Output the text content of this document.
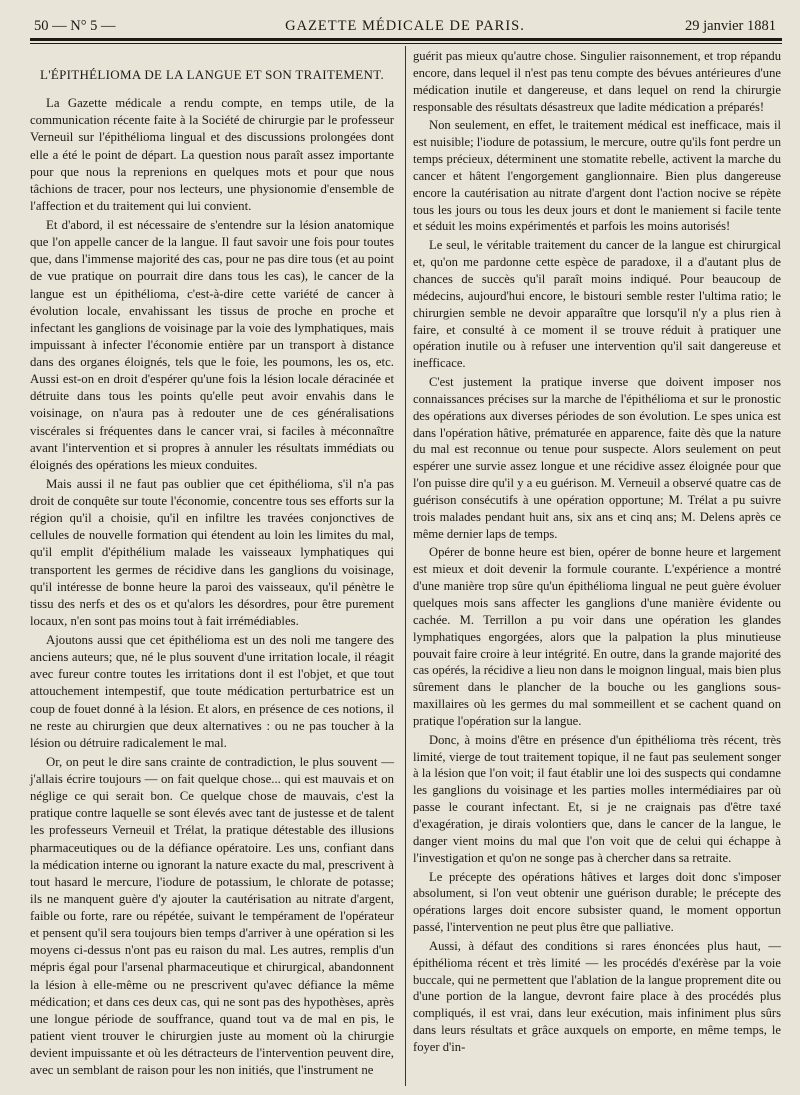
50 — N° 5 —	GAZETTE MÉDICALE DE PARIS.	29 janvier 1881

L'ÉPITHÉLIOMA DE LA LANGUE ET SON TRAITEMENT.

La Gazette médicale a rendu compte, en temps utile, de la communication récente faite à la Société de chirurgie par le professeur Verneuil sur l'épithélioma lingual et des discussions prolongées dont elle a été le point de départ. La question nous paraît assez importante pour que nous la reprenions en quelques mots et pour que nous tâchions de tracer, pour nos lecteurs, une physionomie d'ensemble de l'affection et du traitement qui lui convient.

Et d'abord, il est nécessaire de s'entendre sur la lésion anatomique que l'on appelle cancer de la langue. Il faut savoir une fois pour toutes que, dans l'immense majorité des cas, pour ne pas dire tous (et au point de vue pratique on pourrait dire dans tous les cas), le cancer de la langue est un épithélioma, c'est-à-dire cette variété de cancer à évolution locale, envahissant les tissus de proche en proche et infectant les ganglions de voisinage par la voie des lymphatiques, mais impuissant à infecter l'économie entière par un transport à distance dans des organes éloignés, tels que le foie, les poumons, les os, etc. Aussi est-on en droit d'espérer qu'une fois la lésion locale déracinée et détruite dans tous les points qu'elle peut avoir envahis dans le voisinage, on n'aura pas à redouter une de ces généralisations viscérales si fréquentes dans le cancer vrai, si faciles à méconnaître avant l'intervention et si propres à annuler les résultats immédiats ou éloignés des opérations les mieux conduites.

Mais aussi il ne faut pas oublier que cet épithélioma, s'il n'a pas droit de conquête sur toute l'économie, concentre tous ses efforts sur la région qu'il a choisie, qu'il en infiltre les travées conjonctives de cellules de nouvelle formation qui étendent au loin les limites du mal, qu'il emplit d'épithélium malade les vaisseaux lymphatiques qui transportent les germes de récidive dans les ganglions du voisinage, qu'il intéresse de bonne heure la paroi des vaisseaux, qu'il pénètre le tissu des nerfs et des os et qu'alors les désordres, pour être purement locaux, n'en sont pas moins tout à fait irrémédiables.

Ajoutons aussi que cet épithélioma est un des noli me tangere des anciens auteurs; que, né le plus souvent d'une irritation locale, il réagit avec fureur contre toutes les irritations dont il est l'objet, et que tout attouchement intempestif, que toute médication perturbatrice est un coup de fouet donné à la lésion. Et alors, en présence de ces notions, il ne reste au chirurgien que deux alternatives : ou ne pas toucher à la lésion ou détruire radicalement le mal.

Or, on peut le dire sans crainte de contradiction, le plus souvent — j'allais écrire toujours — on fait quelque chose... qui est mauvais et on néglige ce qui serait bon. Ce quelque chose de mauvais, c'est la pratique contre laquelle se sont élevés avec tant de justesse et de talent les professeurs Verneuil et Trélat, la pratique détestable des illusions pharmaceutiques ou de la défiance opératoire. Les uns, confiant dans la médication interne ou ignorant la nature exacte du mal, prescrivent à tout hasard le mercure, l'iodure de potassium, le chlorate de potasse; ils ne manquent guère d'y ajouter la cautérisation au nitrate d'argent, faible ou forte, rare ou répétée, suivant le tempérament de l'opérateur et pensent qu'il sera toujours bien temps d'arriver à une opération si les moyens ci-dessus n'ont pas eu raison du mal. Les autres, remplis d'un mépris égal pour l'arsenal pharmaceutique et chirurgical, abandonnent la lésion à elle-même ou ne prescrivent qu'avec défiance la même médication; et dans ces deux cas, qui ne sont pas des hypothèses, après une longue période de souffrance, quand tout va de mal en pis, le patient vient trouver le chirurgien juste au moment où la chirurgie devient impuissante et où les détracteurs de l'intervention peuvent dire, avec un semblant de raison pour les non initiés, que l'instrument ne

guérit pas mieux qu'autre chose. Singulier raisonnement, et trop répandu encore, dans lequel il n'est pas tenu compte des bévues antérieures d'une médication inutile et dangereuse, et dans lequel on rend la chirurgie responsable des résultats désastreux que ladite médication a préparés!

Non seulement, en effet, le traitement médical est inefficace, mais il est nuisible; l'iodure de potassium, le mercure, outre qu'ils font perdre un temps précieux, déterminent une stomatite rebelle, activent la marche du cancer et hâtent l'engorgement ganglionnaire. Bien plus dangereuse encore la cautérisation au nitrate d'argent dont l'action nocive se répète tous les jours ou tous les deux jours et dont le maniement si facile tente et séduit les moins expérimentés et parfois les moins autorisés!

Le seul, le véritable traitement du cancer de la langue est chirurgical et, qu'on me pardonne cette espèce de paradoxe, il a d'autant plus de chances de succès qu'il paraît moins indiqué. Pour beaucoup de médecins, aujourd'hui encore, le bistouri semble rester l'ultima ratio; le chirurgien semble ne devoir apparaître que lorsqu'il n'y a plus rien à faire, et consulté à ce moment il se trouve réduit à pratiquer une opération inutile ou à refuser une intervention qu'il sait dangereuse et inefficace.

C'est justement la pratique inverse que doivent imposer nos connaissances précises sur la marche de l'épithélioma et sur le pronostic des opérations aux diverses périodes de son évolution. Le spes unica est dans l'opération hâtive, prématurée en apparence, faite dès que la nature du mal est reconnue ou tenue pour suspecte. Alors seulement on peut espérer une survie assez longue et une récidive assez éloignée pour que l'on puisse dire qu'il y a eu guérison. M. Verneuil a observé quatre cas de guérison consécutifs à une opération opportune; M. Trélat a pu suivre trois malades pendant huit ans, six ans et cinq ans; M. Delens après ce même dernier laps de temps.

Opérer de bonne heure est bien, opérer de bonne heure et largement est mieux et doit devenir la formule courante. L'expérience a montré d'une manière trop sûre qu'un épithélioma lingual ne peut guère évoluer quelques mois sans affecter les ganglions d'une manière évidente ou cachée. M. Terrillon a pu voir dans une opération les glandes lymphatiques engorgées, alors que la palpation la plus minutieuse pouvait faire croire à leur intégrité. En outre, dans la grande majorité des cas opérés, la récidive a lieu non dans le moignon lingual, mais bien plus sûrement dans le plancher de la bouche ou les ganglions sous-maxillaires où les germes du mal sommeillent et se cachent quand on pratique l'opération sur la langue.

Donc, à moins d'être en présence d'un épithélioma très récent, très limité, vierge de tout traitement topique, il ne faut pas seulement songer à la lésion que l'on voit; il faut établir une loi des suspects qui condamne les ganglions du voisinage et les parties molles intermédiaires par où passe le courant infectant. Et, si je ne craignais pas d'être taxé d'exagération, je dirais volontiers que, dans le cancer de la langue, le danger vient moins du mal que l'on voit que de celui qui échappe à l'investigation et qu'on ne songe pas à chercher dans sa retraite.

Le précepte des opérations hâtives et larges doit donc s'imposer absolument, si l'on veut obtenir une guérison durable; le précepte des opérations larges doit encore subsister quand, le moment opportun passé, l'intervention ne peut plus être que palliative.

Aussi, à défaut des conditions si rares énoncées plus haut, — épithélioma récent et très limité — les procédés d'exérèse par la voie buccale, qui ne permettent que l'ablation de la langue proprement dite ou d'une portion de la langue, devront faire place à des procédés plus compliqués, il est vrai, dans leur exécution, mais infiniment plus sûrs dans leurs résultats et grâce auxquels on emporte, en même temps, le foyer d'in-
